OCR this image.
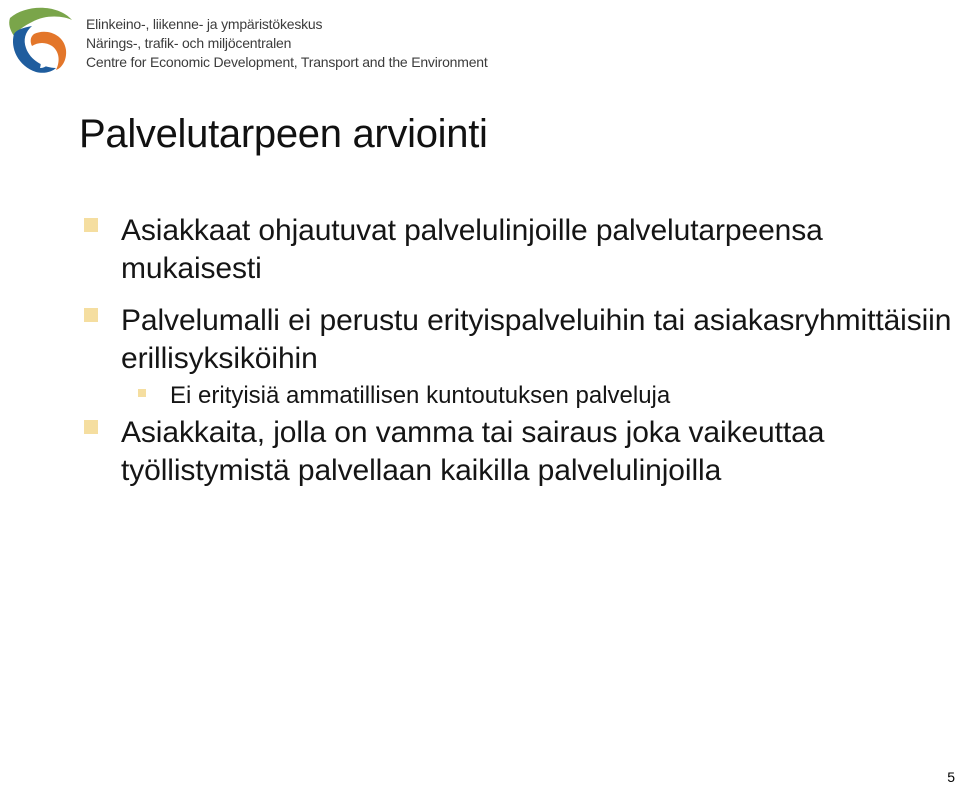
Elinkeino-, liikenne- ja ympäristökeskus
Närings-, trafik- och miljöcentralen
Centre for Economic Development, Transport and the Environment
Palvelutarpeen arviointi
Asiakkaat ohjautuvat palvelulinjoille palvelutarpeensa mukaisesti
Palvelumalli ei perustu erityispalveluihin tai asiakasryhmittäisiin erillisyksiköihin
Ei erityisiä ammatillisen kuntoutuksen palveluja
Asiakkaita, jolla on vamma tai sairaus joka vaikeuttaa työllistymistä palvellaan kaikilla palvelulinjoilla
5
